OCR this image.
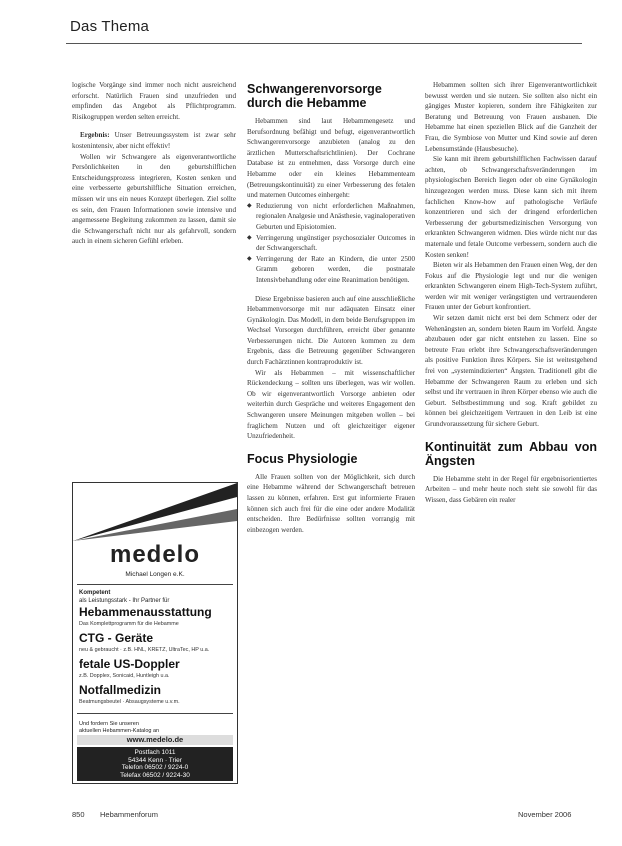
Das Thema

logische Vorgänge sind immer noch nicht ausreichend erforscht. Natürlich Frauen sind unzufrieden und empfinden das Angebot als Pflichtprogramm. Risikogruppen werden selten erreicht.

Ergebnis: Unser Betreuungssystem ist zwar sehr kostenintensiv, aber nicht effektiv!

Wollen wir Schwangere als eigenverantwortliche Persönlichkeiten in den geburtshilflichen Entscheidungsprozess integrieren, Kosten senken und eine verbesserte geburtshilfliche Situation erreichen, müssen wir uns ein neues Konzept überlegen. Ziel sollte es sein, den Frauen Informationen sowie intensive und angemessene Begleitung zukommen zu lassen, damit sie die Schwangerschaft nicht nur als gefahrvoll, sondern auch in einem sicheren Gefühl erleben.

medelo
Michael Longen e.K.
Kompetent
als Leistungsstark - Ihr Partner für
Hebammenausstattung
Das Komplettprogramm für die Hebamme
CTG - Geräte
neu & gebraucht · z.B. HNL, KRETZ, UltraTec, HP u.a.
fetale US-Doppler
z.B. Dopplex, Sonicaid, Huntleigh u.a.
Notfallmedizin
Beatmungsbeutel · Absaugsysteme u.v.m.
Und fordern Sie unseren
aktuellen Hebammen-Katalog an
www.medelo.de
Postfach 1011
54344 Kenn · Trier
Telefon 06502 / 9224-0
Telefax 06502 / 9224-30
Schwangerenvorsorge durch die Hebamme

Hebammen sind laut Hebammengesetz und Berufsordnung befähigt und befugt, eigenverantwortlich Schwangerenvorsorge anzubieten (analog zu den ärztlichen Mutterschaftsrichtlinien). Der Cochrane Database ist zu entnehmen, dass Vorsorge durch eine Hebamme oder ein kleines Hebammenteam (Betreuungskontinuität) zu einer Verbesserung des fetalen und maternen Outcomes einhergeht:

◆ Reduzierung von nicht erforderlichen Maßnahmen, regionalen Analgesie und Anästhesie, vaginaloperativen Geburten und Episiotomien.

◆ Verringerung ungünstiger psychosozialer Outcomes in der Schwangerschaft.

◆ Verringerung der Rate an Kindern, die unter 2500 Gramm geboren werden, die postnatale Intensivbehandlung oder eine Reanimation benötigen.

Diese Ergebnisse basieren auch auf eine ausschließliche Hebammenvorsorge mit nur adäquaten Einsatz einer Gynäkologin. Das Modell, in dem beide Berufsgruppen im Wechsel Vorsorgen durchführen, erreicht über genannte Verbesserungen nicht. Die Autoren kommen zu dem Ergebnis, dass die Betreuung gegenüber Schwangeren durch Fachärztinnen kontraproduktiv ist.

Wir als Hebammen – mit wissenschaftlicher Rückendeckung – sollten uns überlegen, was wir wollen. Ob wir eigenverantwortlich Vorsorge anbieten oder weiterhin durch Gespräche und weiteres Engagement den Schwangeren unsere Meinungen mitgeben wollen – bei fraglichem Nutzen und oft gleichzeitiger eigener Unzufriedenheit.

Focus Physiologie

Alle Frauen sollten von der Möglichkeit, sich durch eine Hebamme während der Schwangerschaft betreuen lassen zu können, erfahren. Erst gut informierte Frauen können sich auch frei für die eine oder andere Modalität entscheiden. Ihre Bedürfnisse sollten vorrangig mit einbezogen werden.

Hebammen sollten sich ihrer Eigenverantwortlichkeit bewusst werden und sie nutzen. Sie sollten also nicht ein gängiges Muster kopieren, sondern ihre Fähigkeiten zur Beratung und Betreuung von Frauen ausbauen. Die Hebamme hat einen speziellen Blick auf die Ganzheit der Frau, die Symbiose von Mutter und Kind sowie auf deren Lebensumstände (Hausbesuche).

Sie kann mit ihrem geburtshilflichen Fachwissen darauf achten, ob Schwangerschaftsveränderungen im physiologischen Bereich liegen oder ob eine Gynäkologin hinzugezogen werden muss. Diese kann sich mit ihrem fachlichen Know-how auf pathologische Verläufe konzentrieren und sich der dringend erforderlichen Verbesserung der geburtsmedizinischen Versorgung von erkrankten Schwangeren widmen. Dies würde nicht nur das maternale und fetale Outcome verbessern, sondern auch die Kosten senken!

Bieten wir als Hebammen den Frauen einen Weg, der den Fokus auf die Physiologie legt und nur die wenigen erkrankten Schwangeren einem High-Tech-System zuführt, werden wir mit weniger verängstigten und vertrauenderen Frauen unter der Geburt konfrontiert.

Wir setzen damit nicht erst bei dem Schmerz oder der Wehenängsten an, sondern bieten Raum im Vorfeld. Ängste abzubauen oder gar nicht entstehen zu lassen. Eine so betreute Frau erlebt ihre Schwangerschaftsveränderungen als positive Funktion ihres Körpers. Sie ist weitestgehend frei von „systemindizierten“ Ängsten. Traditionell gibt die Hebamme der Schwangeren Raum zu erleben und sich selbst und ihr vertrauen in ihren Körper ebenso wie auch die Geburt. Selbstbestimmung und sog. Kraft gebildet zu können bei gleichzeitigem Vertrauen in den Leib ist eine Grundvoraussetzung für sichere Geburt.

Kontinuität zum Abbau von Ängsten

Die Hebamme steht in der Regel für ergebnisorientiertes Arbeiten – und mehr heute noch steht sie sowohl für das Wissen, dass Gebären ein realer

850 Hebammenforum	November 2006
